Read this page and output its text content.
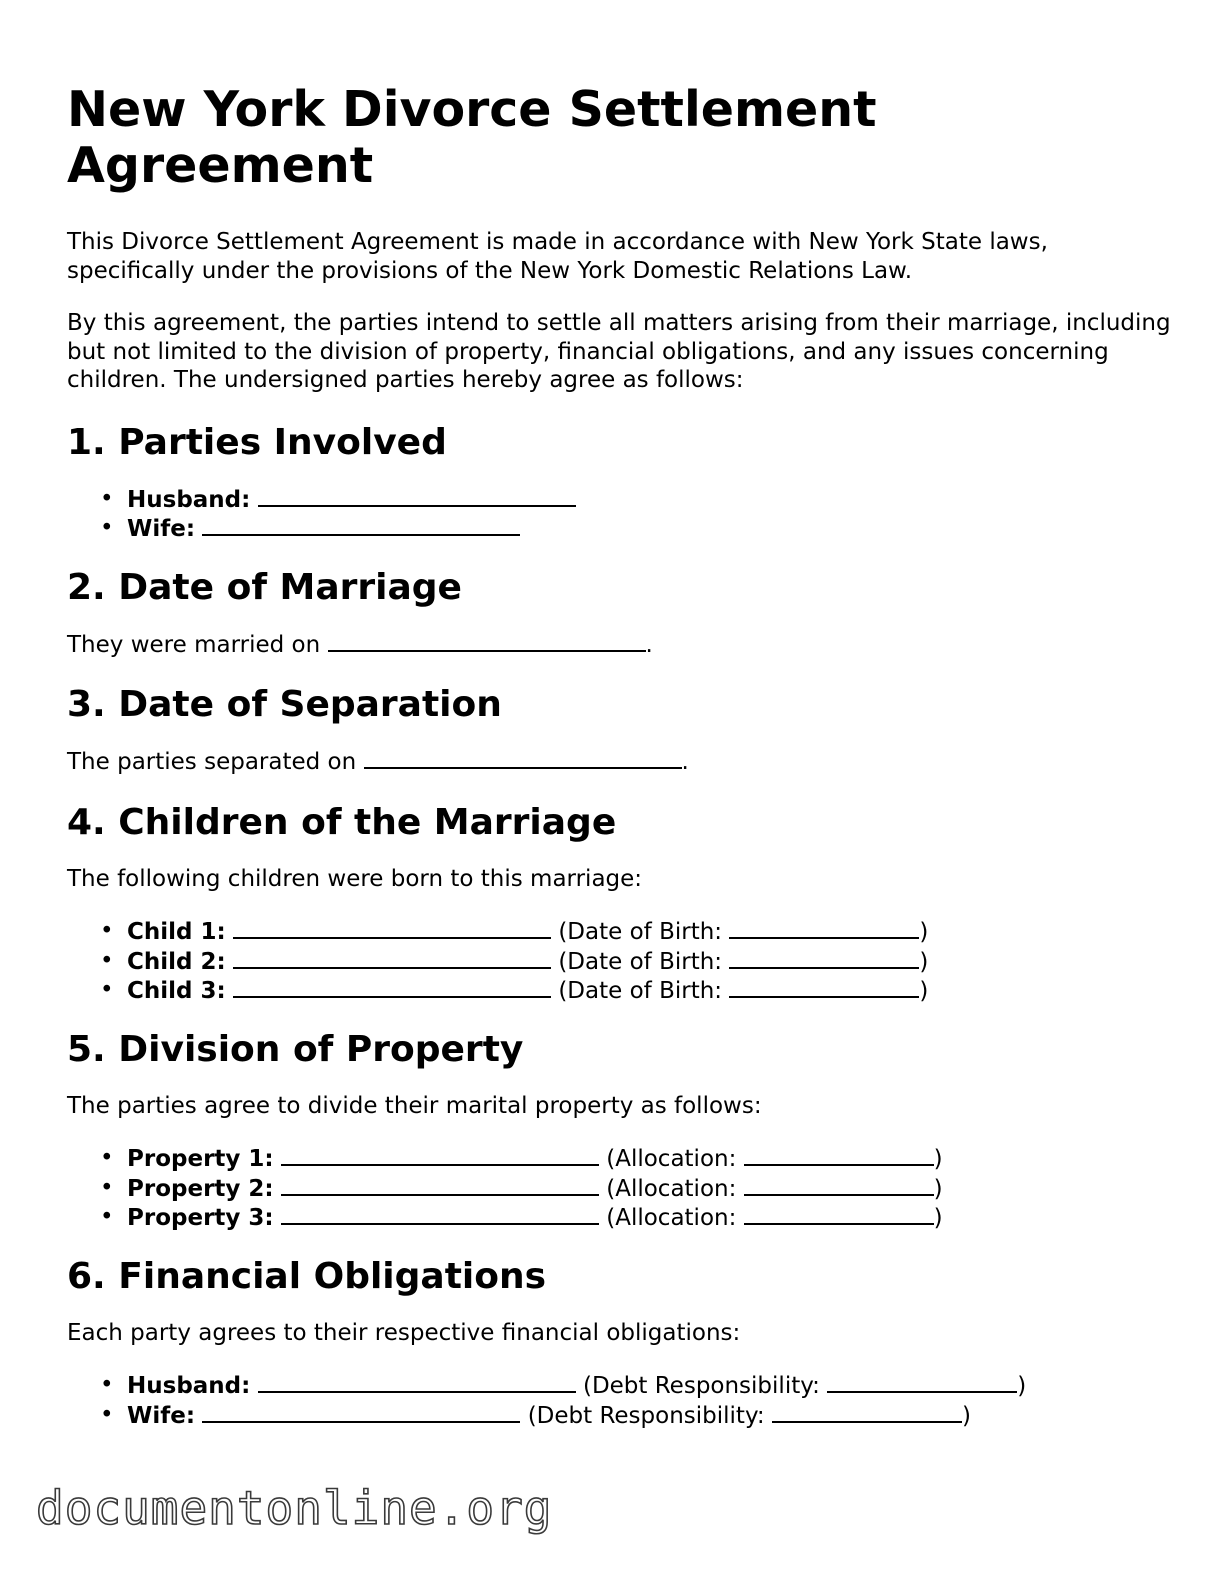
New York Divorce Settlement Agreement

This Divorce Settlement Agreement is made in accordance with New York State laws, specifically under the provisions of the New York Domestic Relations Law.

By this agreement, the parties intend to settle all matters arising from their marriage, including but not limited to the division of property, financial obligations, and any issues concerning children. The undersigned parties hereby agree as follows:

1. Parties Involved
• Husband:
• Wife:
2. Date of Marriage

They were married on	.

3. Date of Separation

The parties separated on	.

4. Children of the Marriage

The following children were born to this marriage:

• Child 1:	(Date of Birth:	)
• Child 2:	(Date of Birth:	)
• Child 3:	(Date of Birth:	)
5. Division of Property

The parties agree to divide their marital property as follows:

• Property 1:	(Allocation:	)
• Property 2:	(Allocation:	)
• Property 3:	(Allocation:	)
6. Financial Obligations

Each party agrees to their respective financial obligations:

• Husband:	(Debt Responsibility:	)
• Wife:	(Debt Responsibility:	)
documentonline.org
